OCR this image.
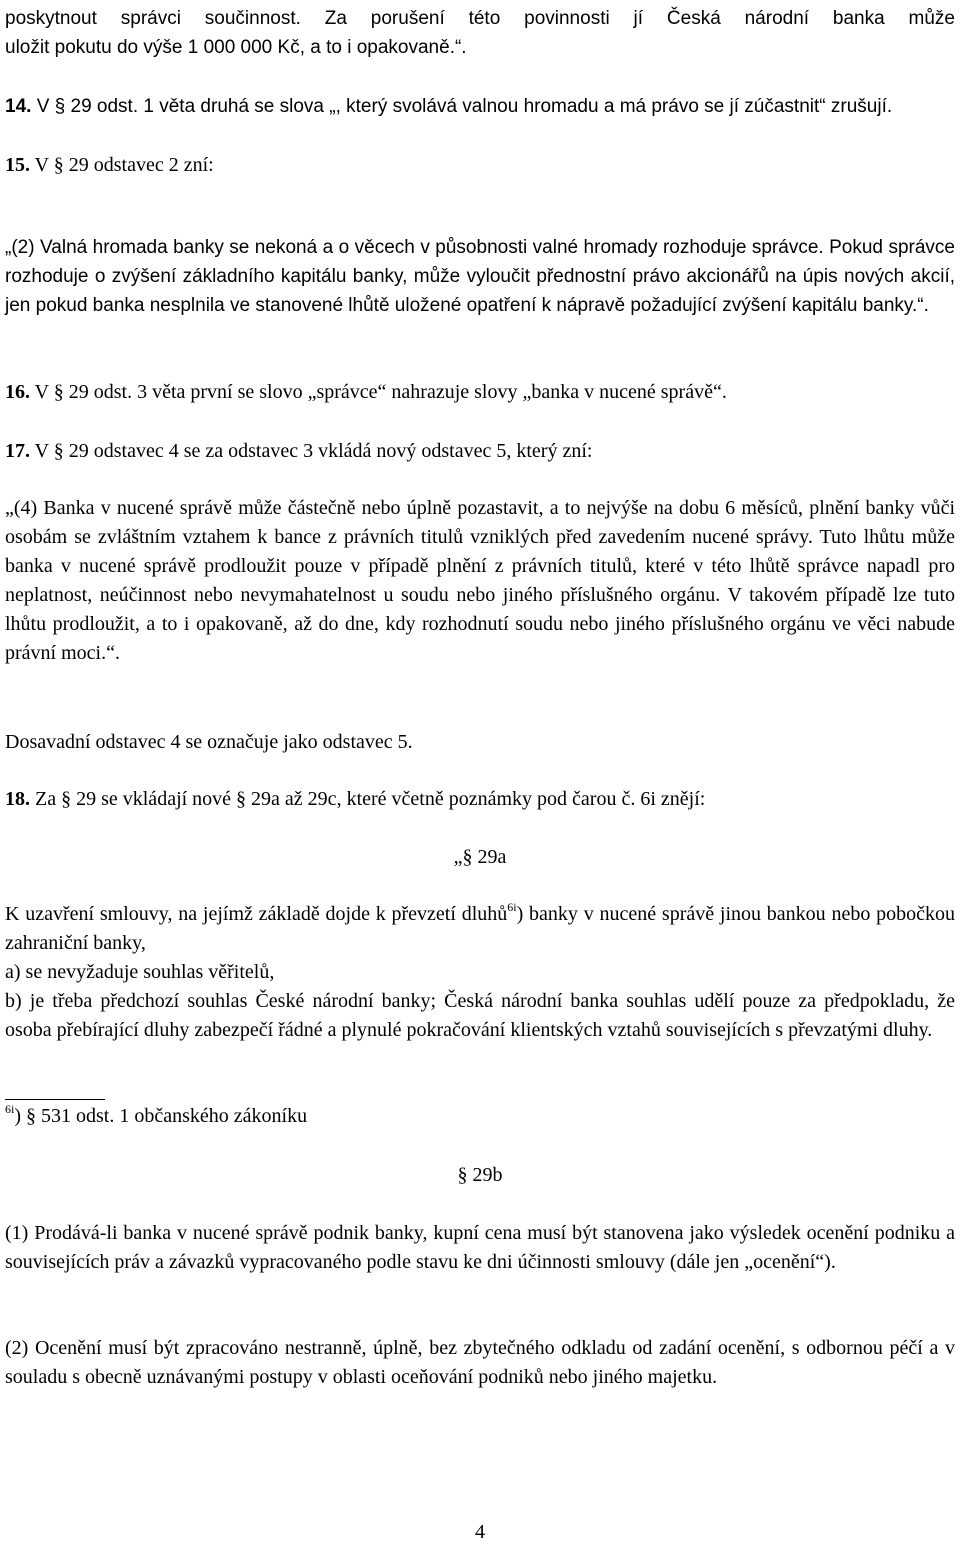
poskytnout správci součinnost. Za porušení této povinnosti jí Česká národní banka může

uložit pokutu do výše 1 000 000 Kč, a to i opakovaně.“.

14. V § 29 odst. 1 věta druhá se slova „, který svolává valnou hromadu a má právo se jí zúčastnit“ zrušují.

15. V § 29 odstavec 2 zní:

„(2) Valná hromada banky se nekoná a o věcech v působnosti valné hromady rozhoduje správce. Pokud správce rozhoduje o zvýšení základního kapitálu banky, může vyloučit přednostní právo akcionářů na úpis nových akcií, jen pokud banka nesplnila ve stanovené lhůtě uložené opatření k nápravě požadující zvýšení kapitálu banky.“.

16. V § 29 odst. 3 věta první se slovo „správce“ nahrazuje slovy „banka v nucené správě“.

17. V § 29 odstavec 4 se za odstavec 3 vkládá nový odstavec 5, který zní:

„(4) Banka v nucené správě může částečně nebo úplně pozastavit, a to nejvýše na dobu 6 měsíců, plnění banky vůči osobám se zvláštním vztahem k bance z právních titulů vzniklých před zavedením nucené správy. Tuto lhůtu může banka v nucené správě prodloužit pouze v případě plnění z právních titulů, které v této lhůtě správce napadl pro neplatnost, neúčinnost nebo nevymahatelnost u soudu nebo jiného příslušného orgánu. V takovém případě lze tuto lhůtu prodloužit, a to i opakovaně, až do dne, kdy rozhodnutí soudu nebo jiného příslušného orgánu ve věci nabude právní moci.“.

Dosavadní odstavec 4 se označuje jako odstavec 5.

18. Za § 29 se vkládají nové § 29a až 29c, které včetně poznámky pod čarou č. 6i znějí:

„§ 29a

K uzavření smlouvy, na jejímž základě dojde k převzetí dluhů$^{6i}$) banky v nucené správě jinou bankou nebo pobočkou zahraniční banky,

a) se nevyžaduje souhlas věřitelů,

b) je třeba předchozí souhlas České národní banky; Česká národní banka souhlas udělí pouze za předpokladu, že osoba přebírající dluhy zabezpečí řádné a plynulé pokračování klientských vztahů souvisejících s převzatými dluhy.

$^{6i}$) § 531 odst. 1 občanského zákoníku

§ 29b

(1) Prodává-li banka v nucené správě podnik banky, kupní cena musí být stanovena jako výsledek ocenění podniku a souvisejících práv a závazků vypracovaného podle stavu ke dni účinnosti smlouvy (dále jen „ocenění“).

(2) Ocenění musí být zpracováno nestranně, úplně, bez zbytečného odkladu od zadání ocenění, s odbornou péčí a v souladu s obecně uznávanými postupy v oblasti oceňování podniků nebo jiného majetku.

4
